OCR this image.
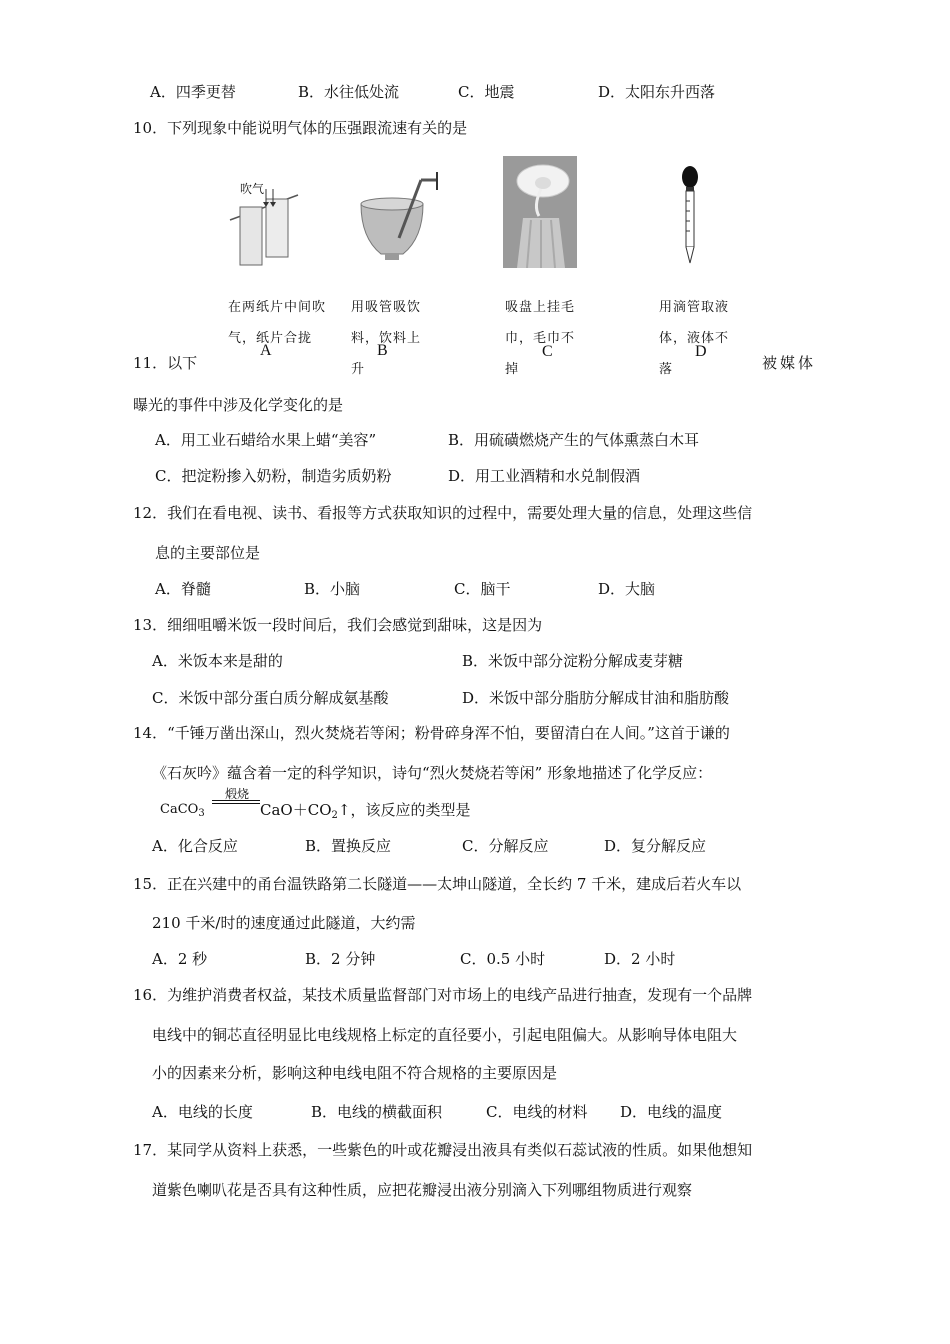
A．四季更替	B．水往低处流	C．地震	D．太阳东升西落
10．下列现象中能说明气体的压强跟流速有关的是
吹气
在两纸片中间吹气，纸片合拢
用吸管吸饮料，饮料上升
吸盘上挂毛巾，毛巾不掉
用滴管取液体，液体不落
A	B	C	D
11．以下	被媒体
曝光的事件中涉及化学变化的是
A．用工业石蜡给水果上蜡“美容”	B．用硫磺燃烧产生的气体熏蒸白木耳
C．把淀粉掺入奶粉，制造劣质奶粉	D．用工业酒精和水兑制假酒
12．我们在看电视、读书、看报等方式获取知识的过程中，需要处理大量的信息，处理这些信
息的主要部位是
A．脊髓	B．小脑	C．脑干	D．大脑
13．细细咀嚼米饭一段时间后，我们会感觉到甜味，这是因为
A．米饭本来是甜的	B．米饭中部分淀粉分解成麦芽糖
C．米饭中部分蛋白质分解成氨基酸	D．米饭中部分脂肪分解成甘油和脂肪酸
14．“千锤万凿出深山，烈火焚烧若等闲；粉骨碎身浑不怕，要留清白在人间。”这首于谦的
《石灰吟》蕴含着一定的科学知识，诗句“烈火焚烧若等闲” 形象地描述了化学反应：
CaCO$_3$
煅烧
$CaO+CO_2↑$，该反应的类型是
A．化合反应	B．置换反应	C．分解反应	D．复分解反应
15．正在兴建中的甬台温铁路第二长隧道——太坤山隧道，全长约 7 千米，建成后若火车以
210 千米/时的速度通过此隧道，大约需
A．2 秒	B．2 分钟	C．0.5 小时	D．2 小时
16．为维护消费者权益，某技术质量监督部门对市场上的电线产品进行抽查，发现有一个品牌
电线中的铜芯直径明显比电线规格上标定的直径要小，引起电阻偏大。从影响导体电阻大
小的因素来分析，影响这种电线电阻不符合规格的主要原因是
A．电线的长度	B．电线的横截面积	C．电线的材料 D．电线的温度
17．某同学从资料上获悉，一些紫色的叶或花瓣浸出液具有类似石蕊试液的性质。如果他想知
道紫色喇叭花是否具有这种性质，应把花瓣浸出液分别滴入下列哪组物质进行观察
